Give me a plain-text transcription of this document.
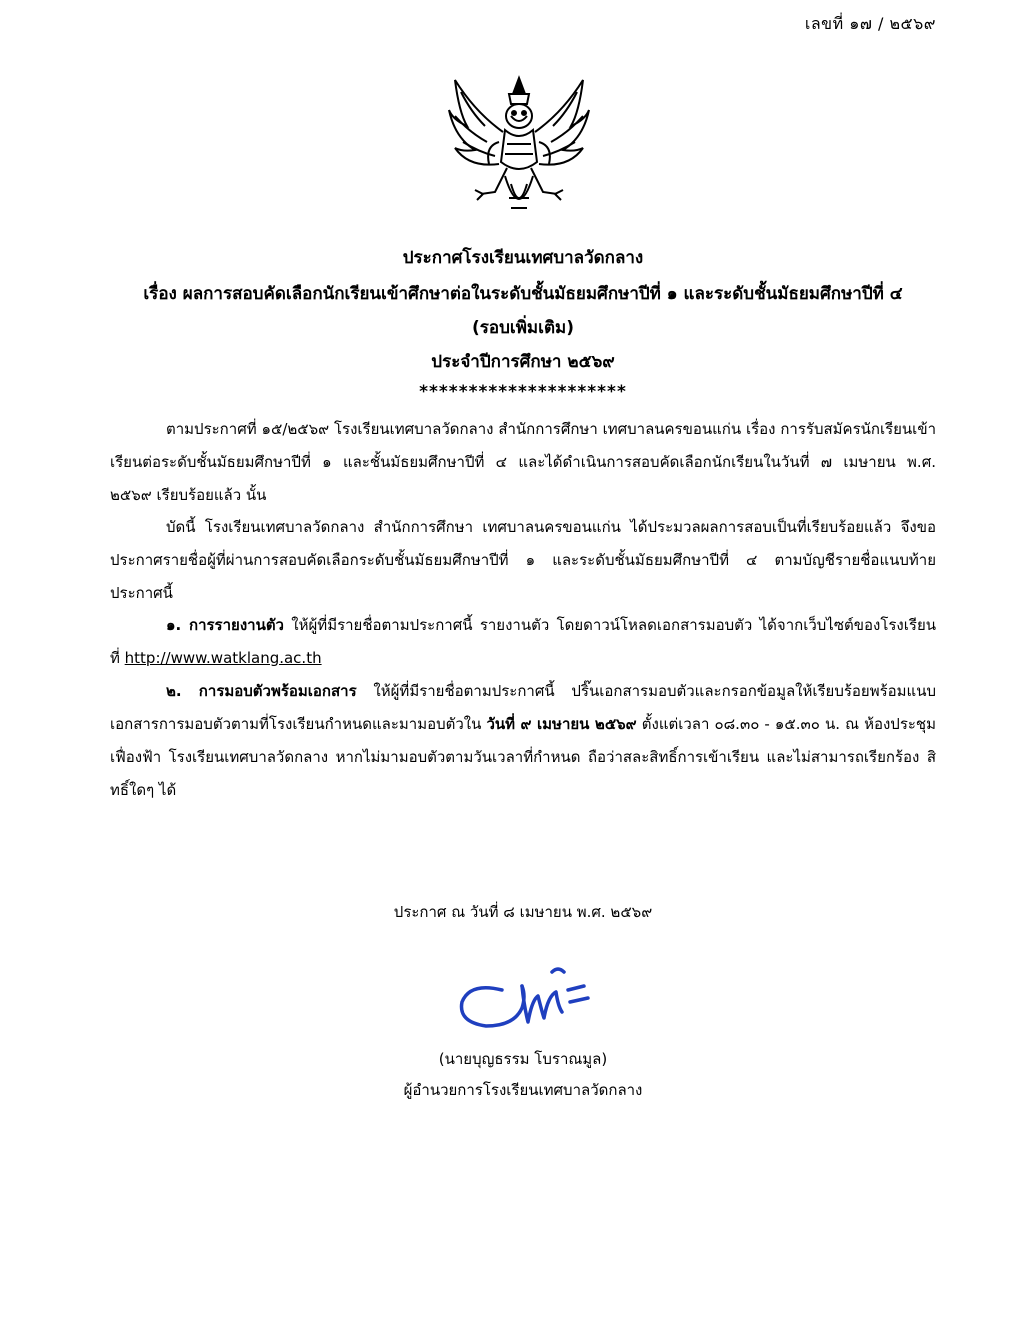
เลขที่ ๑๗ / ๒๕๖๙
ประกาศโรงเรียนเทศบาลวัดกลาง
เรื่อง ผลการสอบคัดเลือกนักเรียนเข้าศึกษาต่อในระดับชั้นมัธยมศึกษาปีที่ ๑ และระดับชั้นมัธยมศึกษาปีที่ ๔
(รอบเพิ่มเติม)
ประจำปีการศึกษา ๒๕๖๙
*********************

ตามประกาศที่ ๑๕/๒๕๖๙ โรงเรียนเทศบาลวัดกลาง สำนักการศึกษา เทศบาลนครขอนแก่น เรื่อง การรับสมัครนักเรียนเข้าเรียนต่อระดับชั้นมัธยมศึกษาปีที่ ๑ และชั้นมัธยมศึกษาปีที่ ๔ และได้ดำเนินการสอบคัดเลือกนักเรียนในวันที่ ๗ เมษายน พ.ศ. ๒๕๖๙ เรียบร้อยแล้ว นั้น

บัดนี้ โรงเรียนเทศบาลวัดกลาง สำนักการศึกษา เทศบาลนครขอนแก่น ได้ประมวลผลการสอบเป็นที่เรียบร้อยแล้ว จึงขอประกาศรายชื่อผู้ที่ผ่านการสอบคัดเลือกระดับชั้นมัธยมศึกษาปีที่ ๑ และระดับชั้นมัธยมศึกษาปีที่ ๔ ตามบัญชีรายชื่อแนบท้ายประกาศนี้

๑. การรายงานตัว ให้ผู้ที่มีรายชื่อตามประกาศนี้ รายงานตัว โดยดาวน์โหลดเอกสารมอบตัว ได้จากเว็บไซต์ของโรงเรียน ที่ http://www.watklang.ac.th

๒. การมอบตัวพร้อมเอกสาร ให้ผู้ที่มีรายชื่อตามประกาศนี้ ปริ๊นเอกสารมอบตัวและกรอกข้อมูลให้เรียบร้อยพร้อมแนบเอกสารการมอบตัวตามที่โรงเรียนกำหนดและมามอบตัวใน วันที่ ๙ เมษายน ๒๕๖๙ ตั้งแต่เวลา ๐๘.๓๐ - ๑๕.๓๐ น. ณ ห้องประชุมเฟื่องฟ้า โรงเรียนเทศบาลวัดกลาง หากไม่มามอบตัวตามวันเวลาที่กำหนด ถือว่าสละสิทธิ์การเข้าเรียน และไม่สามารถเรียกร้อง สิทธิ์ใดๆ ได้

ประกาศ ณ วันที่ ๘ เมษายน พ.ศ. ๒๕๖๙
(นายบุญธรรม โบราณมูล)
ผู้อำนวยการโรงเรียนเทศบาลวัดกลาง
